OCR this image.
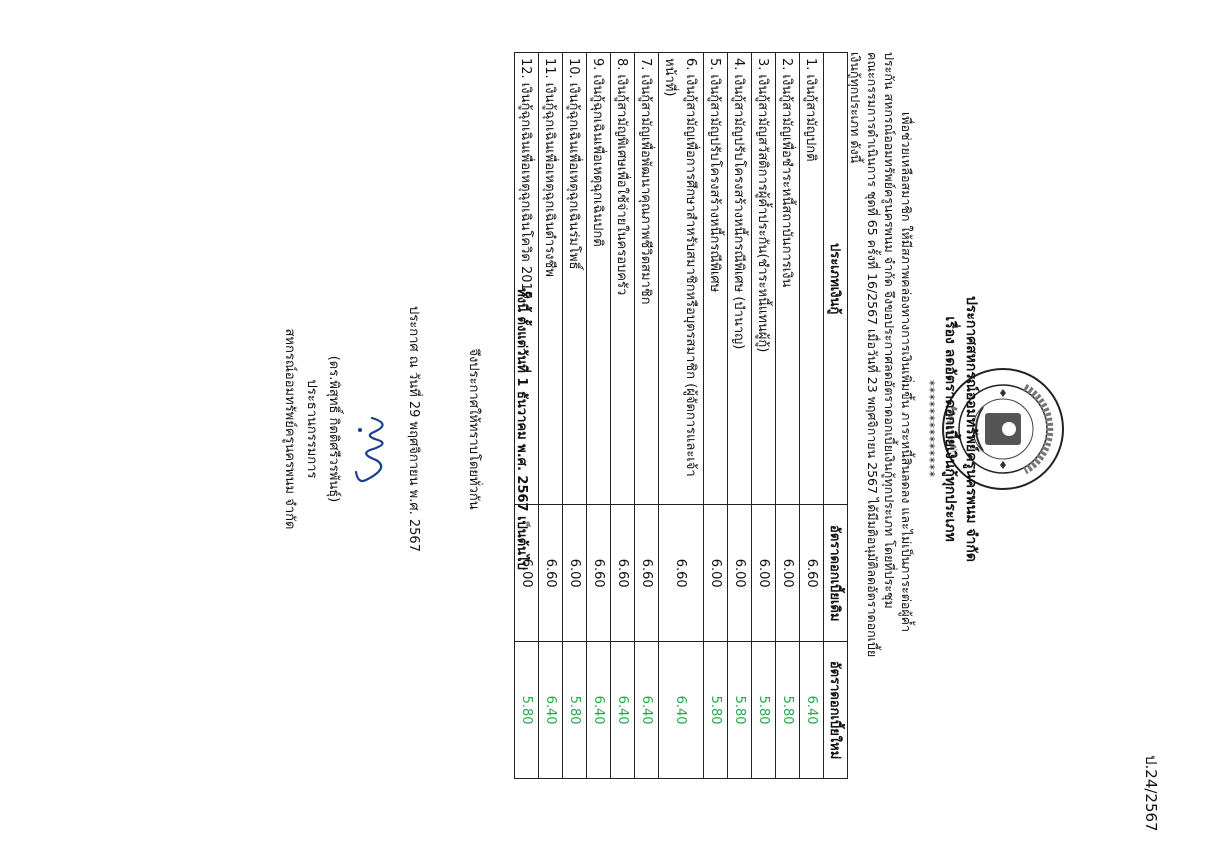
ป.24/2567
ประกาศสหกรณ์ออมทรัพย์ครูนครพนม จำกัด
เรื่อง ลดอัตราดอกเบี้ยเงินกู้ทุกประเภท
**************
เพื่อช่วยเหลือสมาชิก ให้มีสภาพคล่องทางการเงินเพิ่มขึ้น ภาระหนี้สินลดลง และไม่เป็นภาระต่อผู้ค้ำ
ประกัน สหกรณ์ออมทรัพย์ครูนครพนม จำกัด จึงขอประกาศลดอัตราดอกเบี้ยเงินกู้ทุกประเภท โดยที่ประชุม
คณะกรรมการดำเนินการ ชุดที่ 65 ครั้งที่ 16/2567 เมื่อวันที่ 23 พฤศจิกายน 2567 ได้มีมติอนุมัติลดอัตราดอกเบี้ย
เงินกู้ทุกประเภท ดังนี้
ประเภทเงินกู้	อัตราดอกเบี้ยเดิม	อัตราดอกเบี้ยใหม่
1. เงินกู้สามัญปกติ	6.60	6.40
2. เงินกู้สามัญเพื่อชำระหนี้สถาบันการเงิน	6.00	5.80
3. เงินกู้สามัญสวัสดิการผู้ค้ำประกัน(ชำระหนี้แทนผู้กู้)	6.00	5.80
4. เงินกู้สามัญปรับโครงสร้างหนี้กรณีพิเศษ (บำนาญ)	6.00	5.80
5. เงินกู้สามัญปรับโครงสร้างหนี้กรณีพิเศษ	6.00	5.80
6. เงินกู้สามัญเพื่อการศึกษาสำหรับสมาชิกหรือบุตรสมาชิก (ผู้จัดการและเจ้าหน้าที่)	6.60	6.40
7. เงินกู้สามัญเพื่อพัฒนาคุณภาพชีวิตสมาชิก	6.60	6.40
8. เงินกู้สามัญพิเศษเพื่อใช้จ่ายในครอบครัว	6.60	6.40
9. เงินกู้ฉุกเฉินเพื่อเหตุฉุกเฉินปกติ	6.60	6.40
10. เงินกู้ฉุกเฉินเพื่อเหตุฉุกเฉินร่มโพธิ์	6.00	5.80
11. เงินกู้ฉุกเฉินเพื่อเหตุฉุกเฉินดำรงชีพ	6.60	6.40
12. เงินกู้ฉุกเฉินเพื่อเหตุฉุกเฉินโควิด 2019	6.00	5.80
ทั้งนี้ ตั้งแต่วันที่ 1 ธันวาคม พ.ศ. 2567 เป็นต้นไป
จึงประกาศให้ทราบโดยทั่วกัน
ประกาศ ณ วันที่ 29 พฤศจิกายน พ.ศ. 2567
(ดร.พิสุทธิ์ กิตติศรีวรพันธุ์)
ประธานกรรมการ
สหกรณ์ออมทรัพย์ครูนครพนม จำกัด
